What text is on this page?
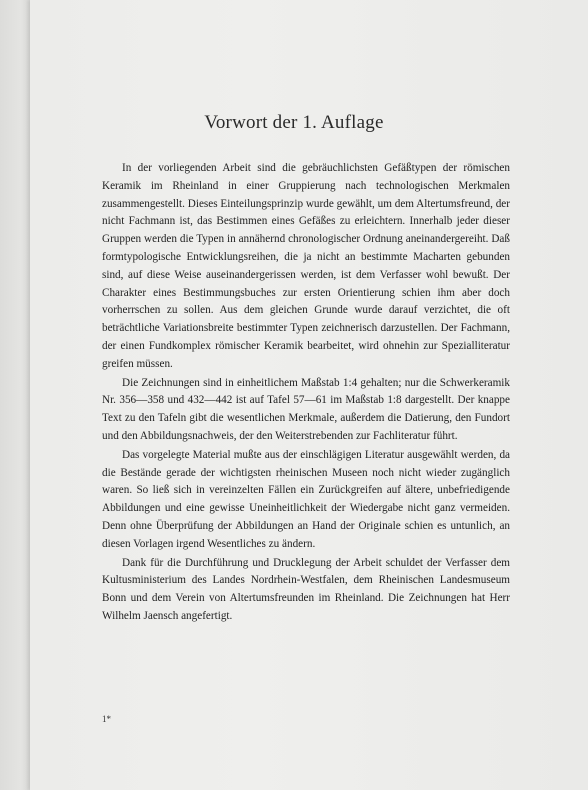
Vorwort der 1. Auflage

In der vorliegenden Arbeit sind die gebräuchlichsten Gefäßtypen der römischen Keramik im Rheinland in einer Gruppierung nach technologischen Merkmalen zusammengestellt. Dieses Einteilungsprinzip wurde gewählt, um dem Altertumsfreund, der nicht Fachmann ist, das Bestimmen eines Gefäßes zu erleichtern. Innerhalb jeder dieser Gruppen werden die Typen in annähernd chronologischer Ordnung aneinandergereiht. Daß formtypologische Entwicklungsreihen, die ja nicht an bestimmte Macharten gebunden sind, auf diese Weise auseinandergerissen werden, ist dem Verfasser wohl bewußt. Der Charakter eines Bestimmungsbuches zur ersten Orientierung schien ihm aber doch vorherrschen zu sollen. Aus dem gleichen Grunde wurde darauf verzichtet, die oft beträchtliche Variationsbreite bestimmter Typen zeichnerisch darzustellen. Der Fachmann, der einen Fundkomplex römischer Keramik bearbeitet, wird ohnehin zur Spezialliteratur greifen müssen.

Die Zeichnungen sind in einheitlichem Maßstab 1:4 gehalten; nur die Schwerkeramik Nr. 356—358 und 432—442 ist auf Tafel 57—61 im Maßstab 1:8 dargestellt. Der knappe Text zu den Tafeln gibt die wesentlichen Merkmale, außerdem die Datierung, den Fundort und den Abbildungsnachweis, der den Weiterstrebenden zur Fachliteratur führt.

Das vorgelegte Material mußte aus der einschlägigen Literatur ausgewählt werden, da die Bestände gerade der wichtigsten rheinischen Museen noch nicht wieder zugänglich waren. So ließ sich in vereinzelten Fällen ein Zurückgreifen auf ältere, unbefriedigende Abbildungen und eine gewisse Uneinheitlichkeit der Wiedergabe nicht ganz vermeiden. Denn ohne Überprüfung der Abbildungen an Hand der Originale schien es untunlich, an diesen Vorlagen irgend Wesentliches zu ändern.

Dank für die Durchführung und Drucklegung der Arbeit schuldet der Verfasser dem Kultusministerium des Landes Nordrhein-Westfalen, dem Rheinischen Landesmuseum Bonn und dem Verein von Altertumsfreunden im Rheinland. Die Zeichnungen hat Herr Wilhelm Jaensch angefertigt.

1*
